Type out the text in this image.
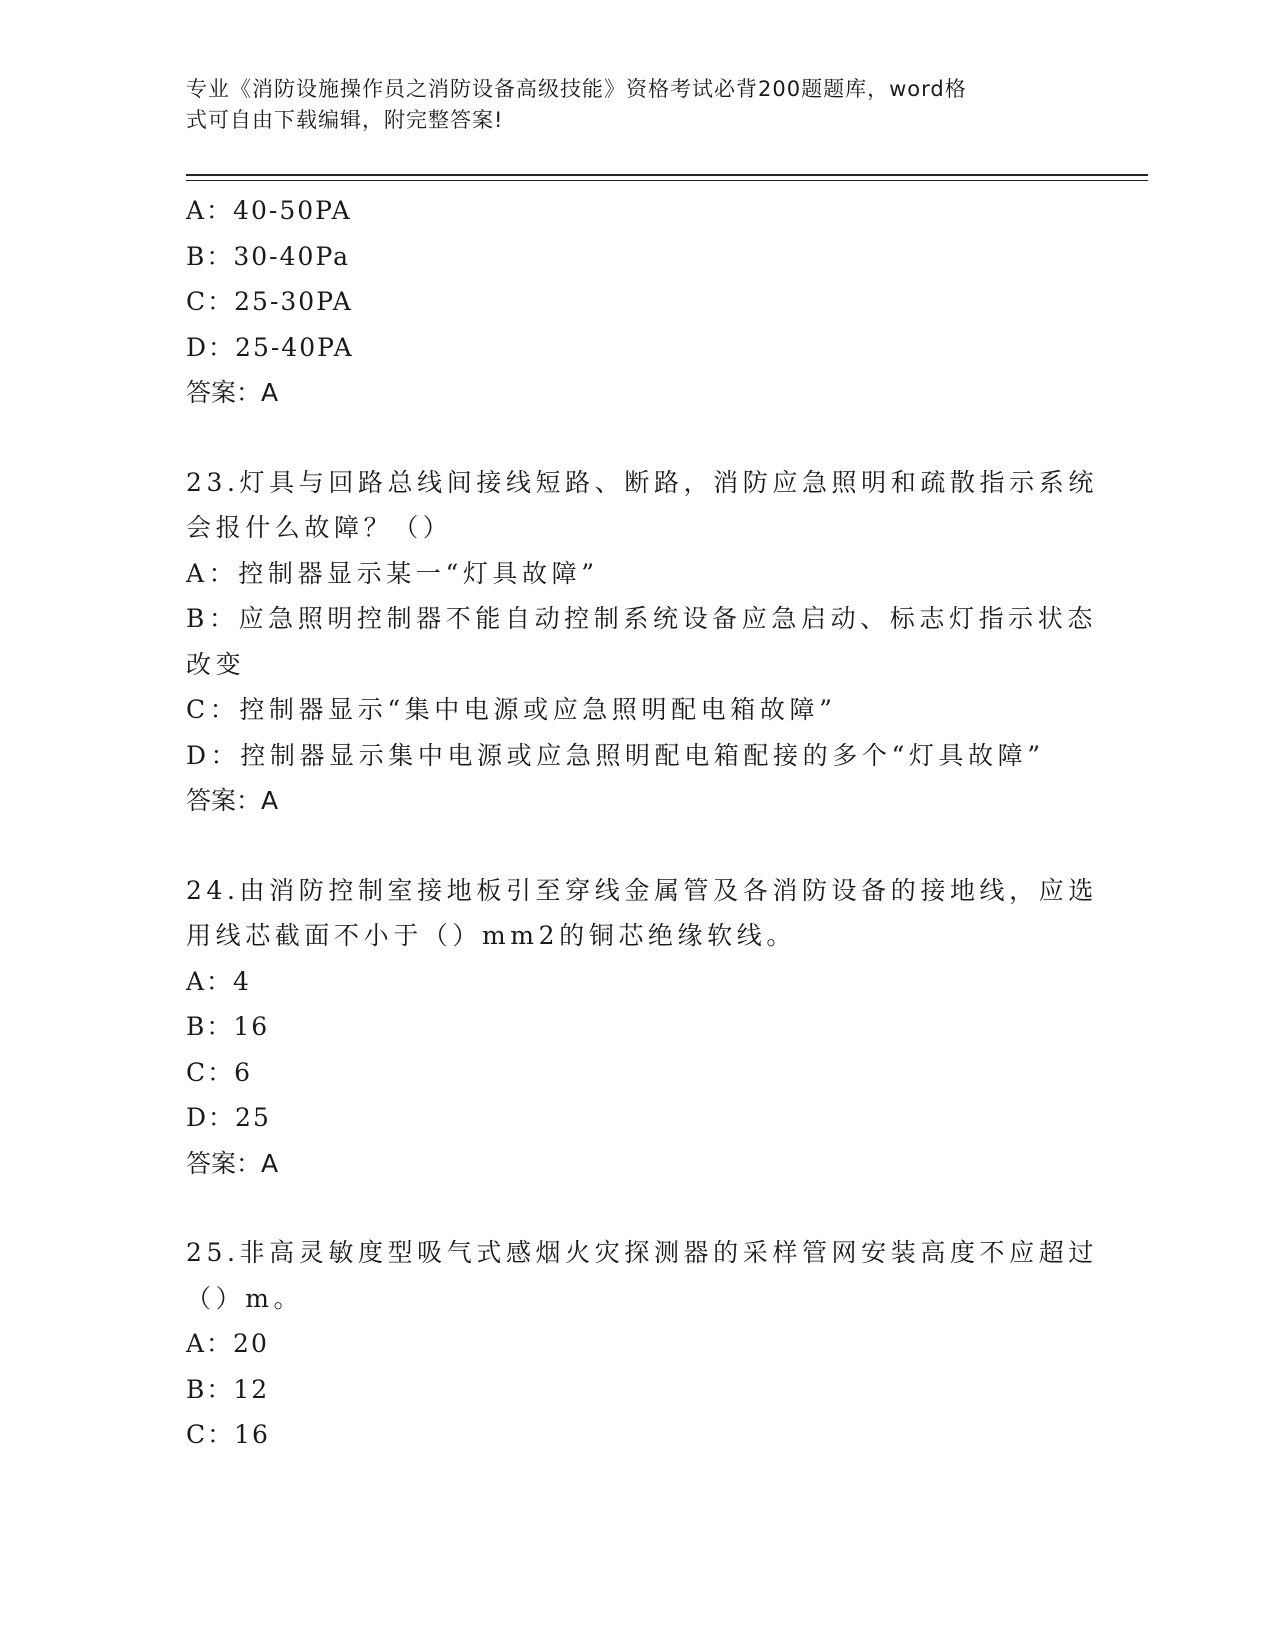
专业《消防设施操作员之消防设备高级技能》资格考试必背200题题库，word格
式可自由下载编辑，附完整答案!
A：40-50PA
B：30-40Pa
C：25-30PA
D：25-40PA
答案：A
23.灯具与回路总线间接线短路、断路，消防应急照明和疏散指示系统
会报什么故障？（）
A：控制器显示某一“灯具故障”
B：应急照明控制器不能自动控制系统设备应急启动、标志灯指示状态
改变
C：控制器显示“集中电源或应急照明配电箱故障”
D：控制器显示集中电源或应急照明配电箱配接的多个“灯具故障”
答案：A
24.由消防控制室接地板引至穿线金属管及各消防设备的接地线，应选
用线芯截面不小于（）mm2的铜芯绝缘软线。
A：4
B：16
C：6
D：25
答案：A
25.非高灵敏度型吸气式感烟火灾探测器的采样管网安装高度不应超过
（）m。
A：20
B：12
C：16
